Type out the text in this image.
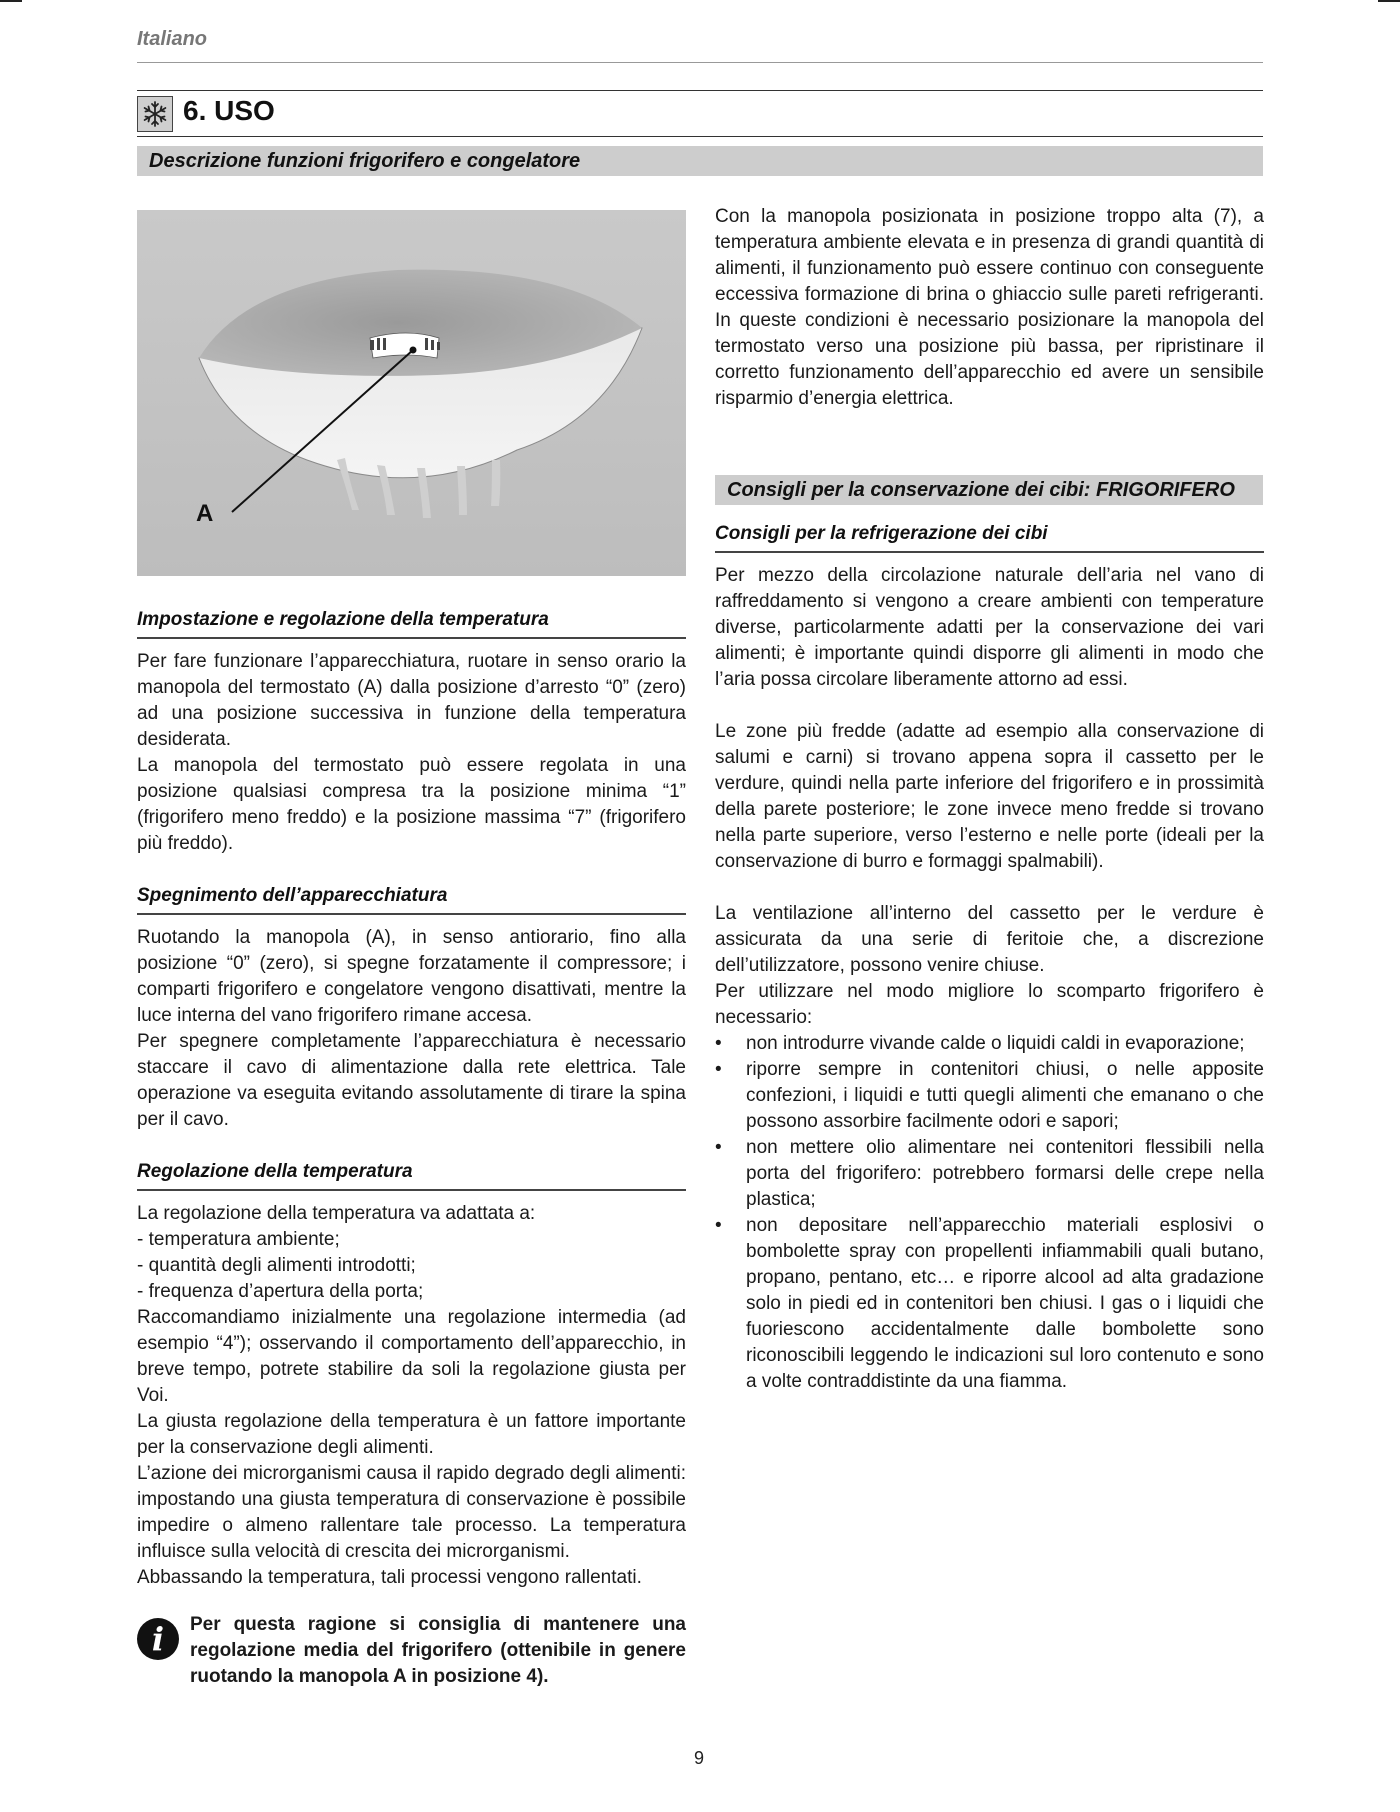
Italiano
6. USO
Descrizione funzioni frigorifero e congelatore
A

Con la manopola posizionata in posizione troppo alta (7), a temperatura ambiente elevata e in presenza di grandi quantità di alimenti, il funzionamento può essere continuo con conseguente eccessiva formazione di brina o ghiaccio sulle pareti refrigeranti. In queste condizioni è necessario posizionare la manopola del termostato verso una posizione più bassa, per ripristinare il corretto funzionamento dell’apparecchio ed avere un sensibile risparmio d’energia elettrica.

Consigli per la conservazione dei cibi: FRIGORIFERO
Consigli per la refrigerazione dei cibi

Per mezzo della circolazione naturale dell’aria nel vano di raffreddamento si vengono a creare ambienti con temperature diverse, particolarmente adatti per la conservazione dei vari alimenti; è importante quindi disporre gli alimenti in modo che l’aria possa circolare liberamente attorno ad essi.

Le zone più fredde (adatte ad esempio alla conservazione di salumi e carni) si trovano appena sopra il cassetto per le verdure, quindi nella parte inferiore del frigorifero e in prossimità della parete posteriore; le zone invece meno fredde si trovano nella parte superiore, verso l’esterno e nelle porte (ideali per la conservazione di burro e formaggi spalmabili).

La ventilazione all’interno del cassetto per le verdure è assicurata da una serie di feritoie che, a discrezione dell’utilizzatore, possono venire chiuse.

Per utilizzare nel modo migliore lo scomparto frigorifero è necessario:

• non introdurre vivande calde o liquidi caldi in evaporazione;
• riporre sempre in contenitori chiusi, o nelle apposite confezioni, i liquidi e tutti quegli alimenti che emanano o che possono assorbire facilmente odori e sapori;
• non mettere olio alimentare nei contenitori flessibili nella porta del frigorifero: potrebbero formarsi delle crepe nella plastica;
• non depositare nell’apparecchio materiali esplosivi o bombolette spray con propellenti infiammabili quali butano, propano, pentano, etc… e riporre alcool ad alta gradazione solo in piedi ed in contenitori ben chiusi. I gas o i liquidi che fuoriescono accidentalmente dalle bombolette sono riconoscibili leggendo le indicazioni sul loro contenuto e sono a volte contraddistinte da una fiamma.
Impostazione e regolazione della temperatura

Per fare funzionare l’apparecchiatura, ruotare in senso orario la manopola del termostato (A) dalla posizione d’arresto “0” (zero) ad una posizione successiva in funzione della temperatura desiderata.

La manopola del termostato può essere regolata in una posizione qualsiasi compresa tra la posizione minima “1” (frigorifero meno freddo) e la posizione massima “7” (frigorifero più freddo).

Spegnimento dell’apparecchiatura

Ruotando la manopola (A), in senso antiorario, fino alla posizione “0” (zero), si spegne forzatamente il compressore; i comparti frigorifero e congelatore vengono disattivati, mentre la luce interna del vano frigorifero rimane accesa.

Per spegnere completamente l’apparecchiatura è necessario staccare il cavo di alimentazione dalla rete elettrica. Tale operazione va eseguita evitando assolutamente di tirare la spina per il cavo.

Regolazione della temperatura

La regolazione della temperatura va adattata a:

- temperatura ambiente;

- quantità degli alimenti introdotti;

- frequenza d’apertura della porta;

Raccomandiamo inizialmente una regolazione intermedia (ad esempio “4”); osservando il comportamento dell’apparecchio, in breve tempo, potrete stabilire da soli la regolazione giusta per Voi.

La giusta regolazione della temperatura è un fattore importante per la conservazione degli alimenti.

L’azione dei microrganismi causa il rapido degrado degli alimenti: impostando una giusta temperatura di conservazione è possibile impedire o almeno rallentare tale processo. La temperatura influisce sulla velocità di crescita dei microrganismi.

Abbassando la temperatura, tali processi vengono rallentati.

i	Per questa ragione si consiglia di mantenere una regolazione media del frigorifero (ottenibile in genere ruotando la manopola A in posizione 4).

9
